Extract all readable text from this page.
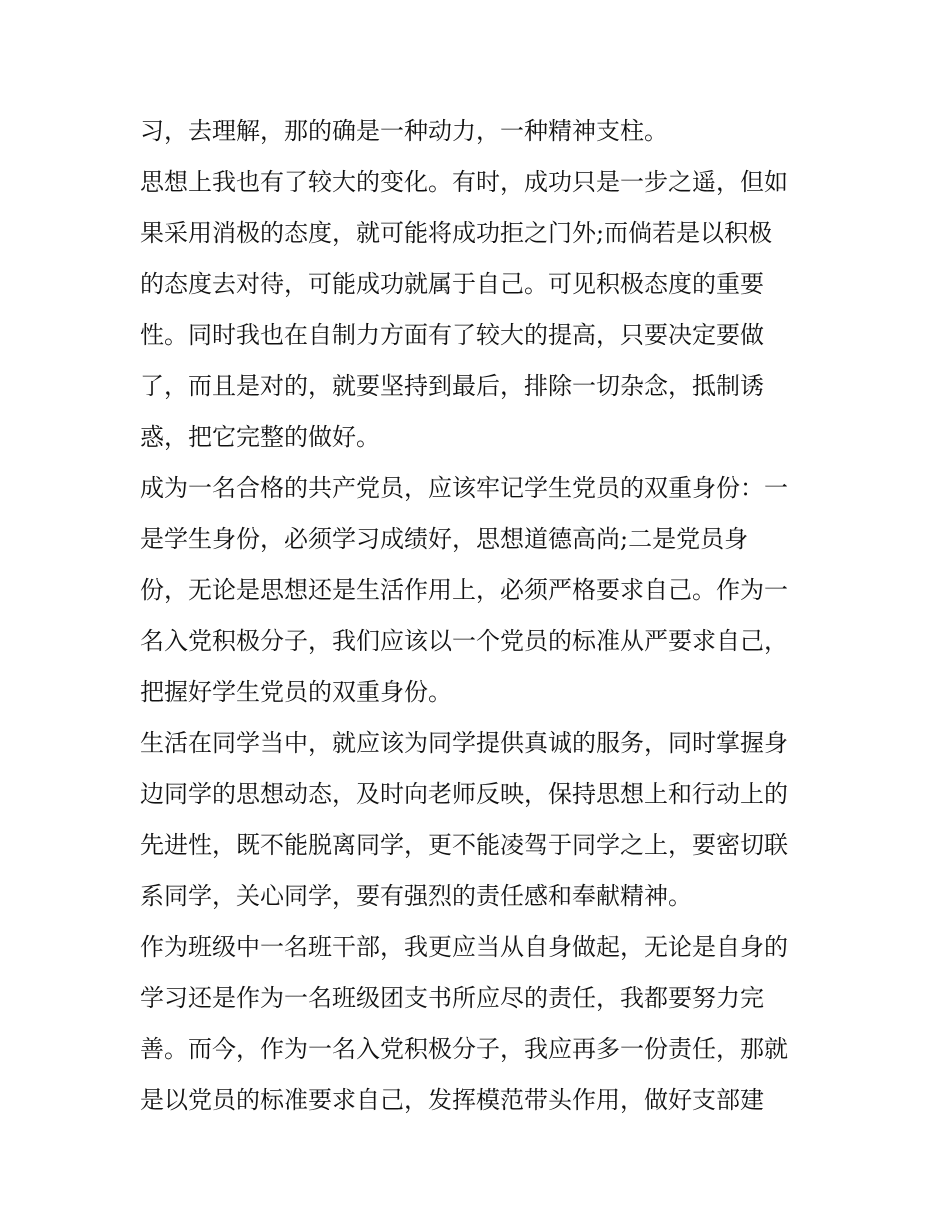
习，去理解，那的确是一种动力，一种精神支柱。
思想上我也有了较大的变化。有时，成功只是一步之遥，但如
果采用消极的态度，就可能将成功拒之门外;而倘若是以积极
的态度去对待，可能成功就属于自己。可见积极态度的重要
性。同时我也在自制力方面有了较大的提高，只要决定要做
了，而且是对的，就要坚持到最后，排除一切杂念，抵制诱
惑，把它完整的做好。
成为一名合格的共产党员，应该牢记学生党员的双重身份：一
是学生身份，必须学习成绩好，思想道德高尚;二是党员身
份，无论是思想还是生活作用上，必须严格要求自己。作为一
名入党积极分子，我们应该以一个党员的标准从严要求自己，
把握好学生党员的双重身份。
生活在同学当中，就应该为同学提供真诚的服务，同时掌握身
边同学的思想动态，及时向老师反映，保持思想上和行动上的
先进性，既不能脱离同学，更不能凌驾于同学之上，要密切联
系同学，关心同学，要有强烈的责任感和奉献精神。
作为班级中一名班干部，我更应当从自身做起，无论是自身的
学习还是作为一名班级团支书所应尽的责任，我都要努力完
善。而今，作为一名入党积极分子，我应再多一份责任，那就
是以党员的标准要求自己，发挥模范带头作用，做好支部建
